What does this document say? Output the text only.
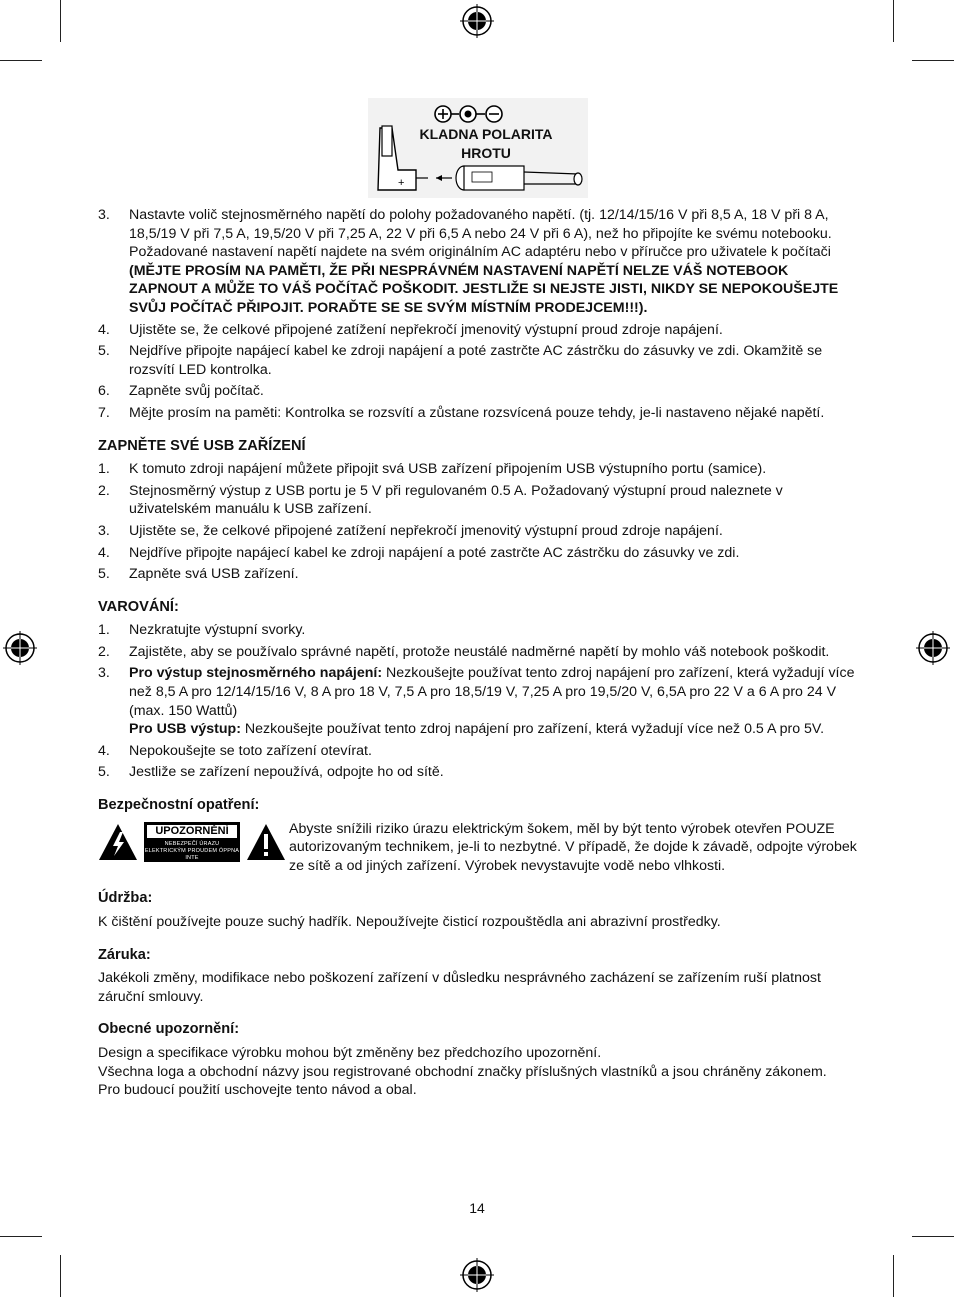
+
KLADNA POLARITA
HROTU
3. Nastavte volič stejnosměrného napětí do polohy požadovaného napětí. (tj. 12/14/15/16 V při 8,5 A, 18 V při 8 A, 18,5/19 V při 7,5 A, 19,5/20 V při 7,25 A, 22 V při 6,5 A nebo 24 V při 6 A), než ho připojíte ke svému notebooku. Požadované nastavení napětí najdete na svém originálním AC adaptéru nebo v příručce pro uživatele k počítači (MĚJTE PROSÍM NA PAMĚTI, ŽE PŘI NESPRÁVNÉM NASTAVENÍ NAPĚTÍ NELZE VÁŠ NOTEBOOK ZAPNOUT A MŮŽE TO VÁŠ POČÍTAČ POŠKODIT. JESTLIŽE SI NEJSTE JISTI, NIKDY SE NEPOKOUŠEJTE SVŮJ POČÍTAČ PŘIPOJIT. PORAĎTE SE SE SVÝM MÍSTNÍM PRODEJCEM!!!).
4. Ujistěte se, že celkové připojené zatížení nepřekročí jmenovitý výstupní proud zdroje napájení.
5. Nejdříve připojte napájecí kabel ke zdroji napájení a poté zastrčte AC zástrčku do zásuvky ve zdi. Okamžitě se rozsvítí LED kontrolka.
6. Zapněte svůj počítač.
7. Mějte prosím na paměti: Kontrolka se rozsvítí a zůstane rozsvícená pouze tehdy, je-li nastaveno nějaké napětí.
ZAPNĚTE SVÉ USB ZAŘÍZENÍ
1. K tomuto zdroji napájení můžete připojit svá USB zařízení připojením USB výstupního portu (samice).
2. Stejnosměrný výstup z USB portu je 5 V při regulovaném 0.5 A. Požadovaný výstupní proud naleznete v uživatelském manuálu k USB zařízení.
3. Ujistěte se, že celkové připojené zatížení nepřekročí jmenovitý výstupní proud zdroje napájení.
4. Nejdříve připojte napájecí kabel ke zdroji napájení a poté zastrčte AC zástrčku do zásuvky ve zdi.
5. Zapněte svá USB zařízení.
VAROVÁNÍ:
1. Nezkratujte výstupní svorky.
2. Zajistěte, aby se používalo správné napětí, protože neustálé nadměrné napětí by mohlo váš notebook poškodit.
3. Pro výstup stejnosměrného napájení: Nezkoušejte používat tento zdroj napájení pro zařízení, která vyžadují více než 8,5 A pro 12/14/15/16 V, 8 A pro 18 V, 7,5 A pro 18,5/19 V, 7,25 A pro 19,5/20 V, 6,5A pro 22 V a 6 A pro 24 V (max. 150 Wattů)
Pro USB výstup: Nezkoušejte používat tento zdroj napájení pro zařízení, která vyžadují více než 0.5 A pro 5V.
4. Nepokoušejte se toto zařízení otevírat.
5. Jestliže se zařízení nepoužívá, odpojte ho od sítě.
Bezpečnostní opatření:
UPOZORNĚNÍ
NEBEZPEČÍ ÚRAZU ELEKTRICKÝM PROUDEM ÓPPNA INTE

Abyste snížili riziko úrazu elektrickým šokem, měl by být tento výrobek otevřen POUZE autorizovaným technikem, je-li to nezbytné. V případě, že dojde k závadě, odpojte výrobek ze sítě a od jiných zařízení. Výrobek nevystavujte vodě nebo vlhkosti.

Údržba:

K čištění používejte pouze suchý hadřík. Nepoužívejte čisticí rozpouštědla ani abrazivní prostředky.

Záruka:

Jakékoli změny, modifikace nebo poškození zařízení v důsledku nesprávného zacházení se zařízením ruší platnost záruční smlouvy.

Obecné upozornění:

Design a specifikace výrobku mohou být změněny bez předchozího upozornění.

Všechna loga a obchodní názvy jsou registrované obchodní značky příslušných vlastníků a jsou chráněny zákonem.

Pro budoucí použití uschovejte tento návod a obal.

14
